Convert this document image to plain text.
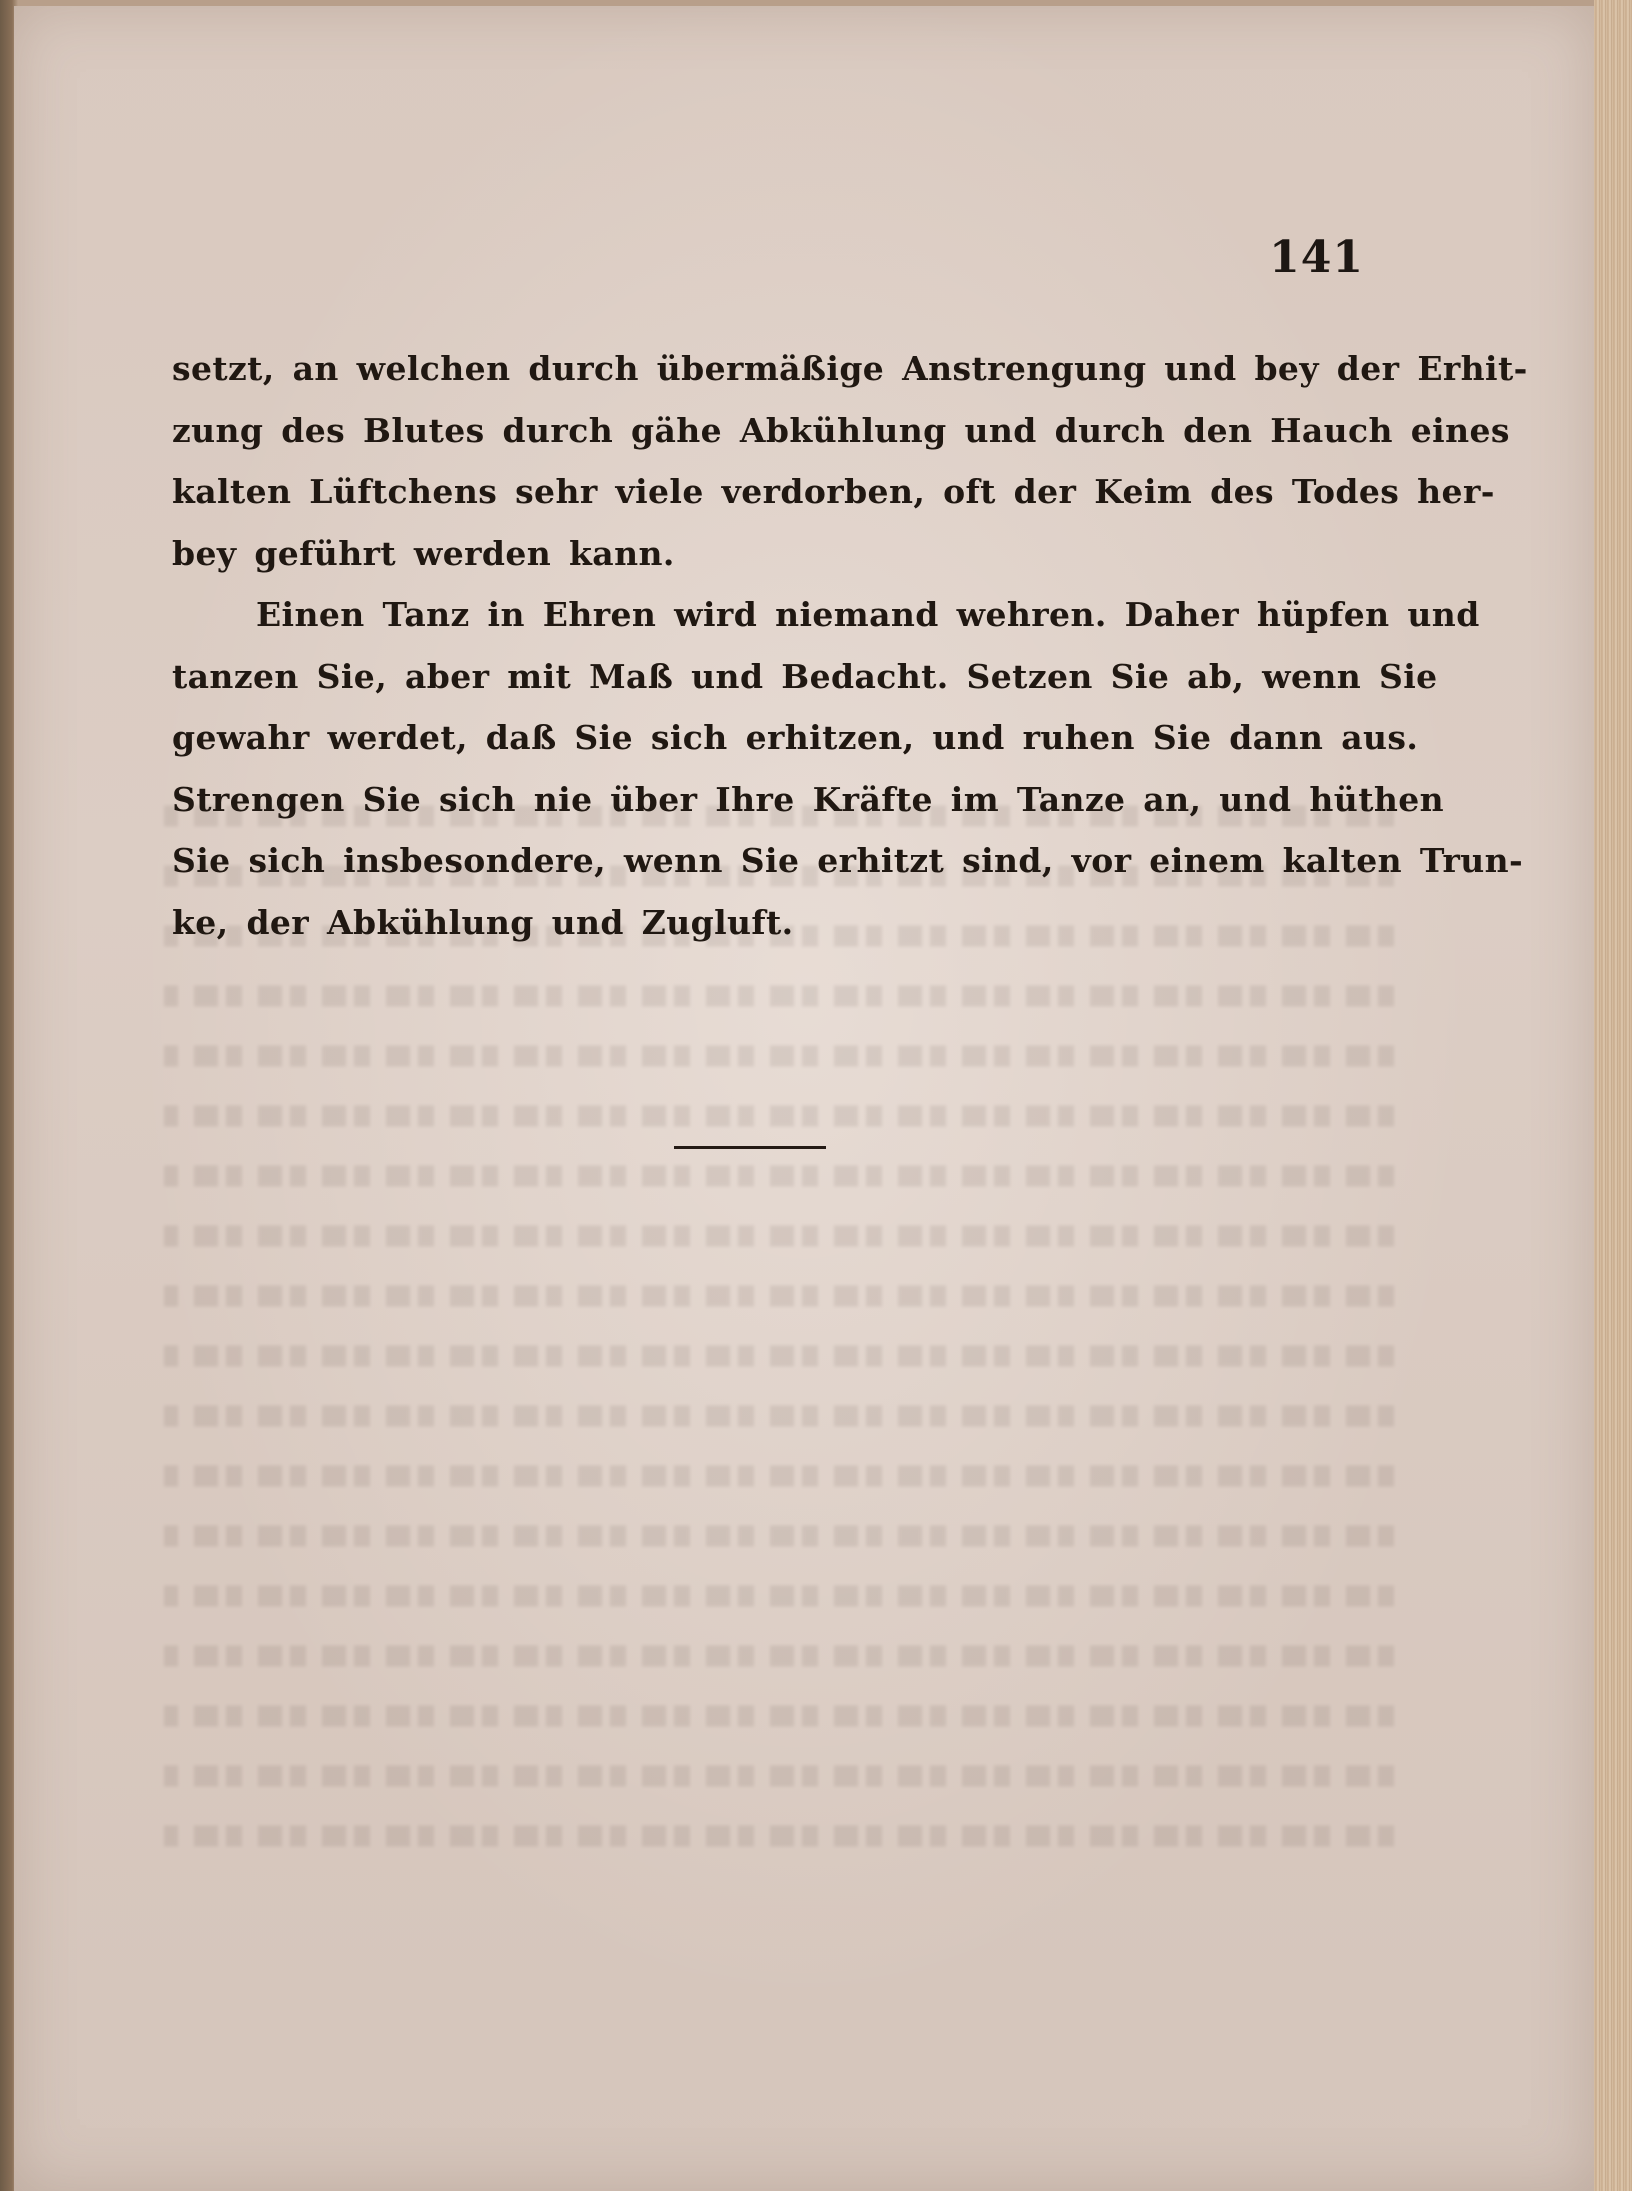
141
setzt, an welchen durch übermäßige Anstrengung und bey der Erhit-
zung des Blutes durch gähe Abkühlung und durch den Hauch eines
kalten Lüftchens sehr viele verdorben, oft der Keim des Todes her-
bey geführt werden kann.
Einen Tanz in Ehren wird niemand wehren. Daher hüpfen und
tanzen Sie, aber mit Maß und Bedacht. Setzen Sie ab, wenn Sie
gewahr werdet, daß Sie sich erhitzen, und ruhen Sie dann aus.
Strengen Sie sich nie über Ihre Kräfte im Tanze an, und hüthen
Sie sich insbesondere, wenn Sie erhitzt sind, vor einem kalten Trun-
ke, der Abkühlung und Zugluft.
